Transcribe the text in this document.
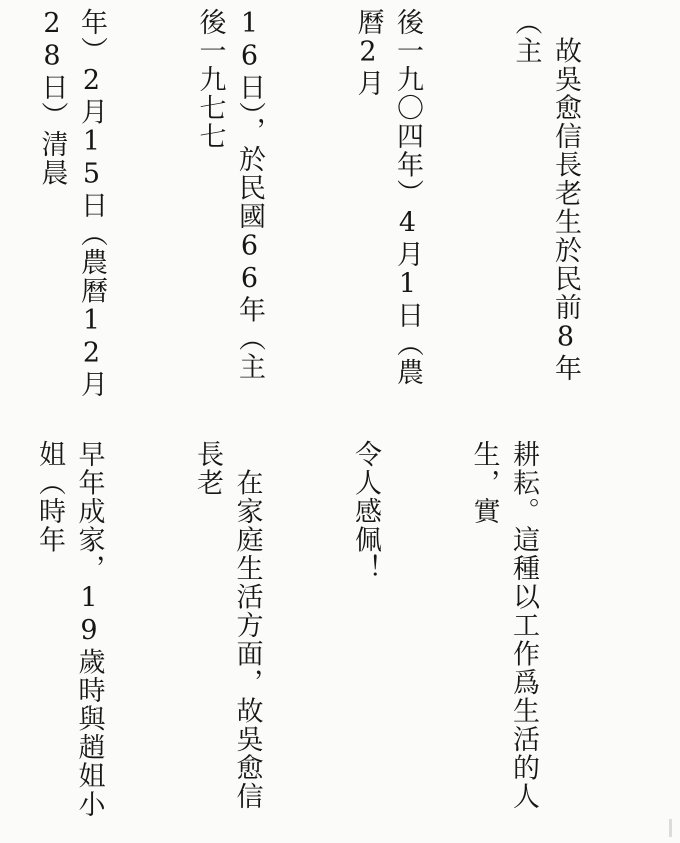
　故吳愈信長老生於民前8年（主

後一九〇四年）4月1日（農曆2月

16日），於民國66年（主後一九七七

年）2月15日（農曆12月28日）清晨

耕耘。這種以工作爲生活的人生，實

令人感佩！

　在家庭生活方面，故吳愈信長老

早年成家，19歲時與趙姐小姐（時年
